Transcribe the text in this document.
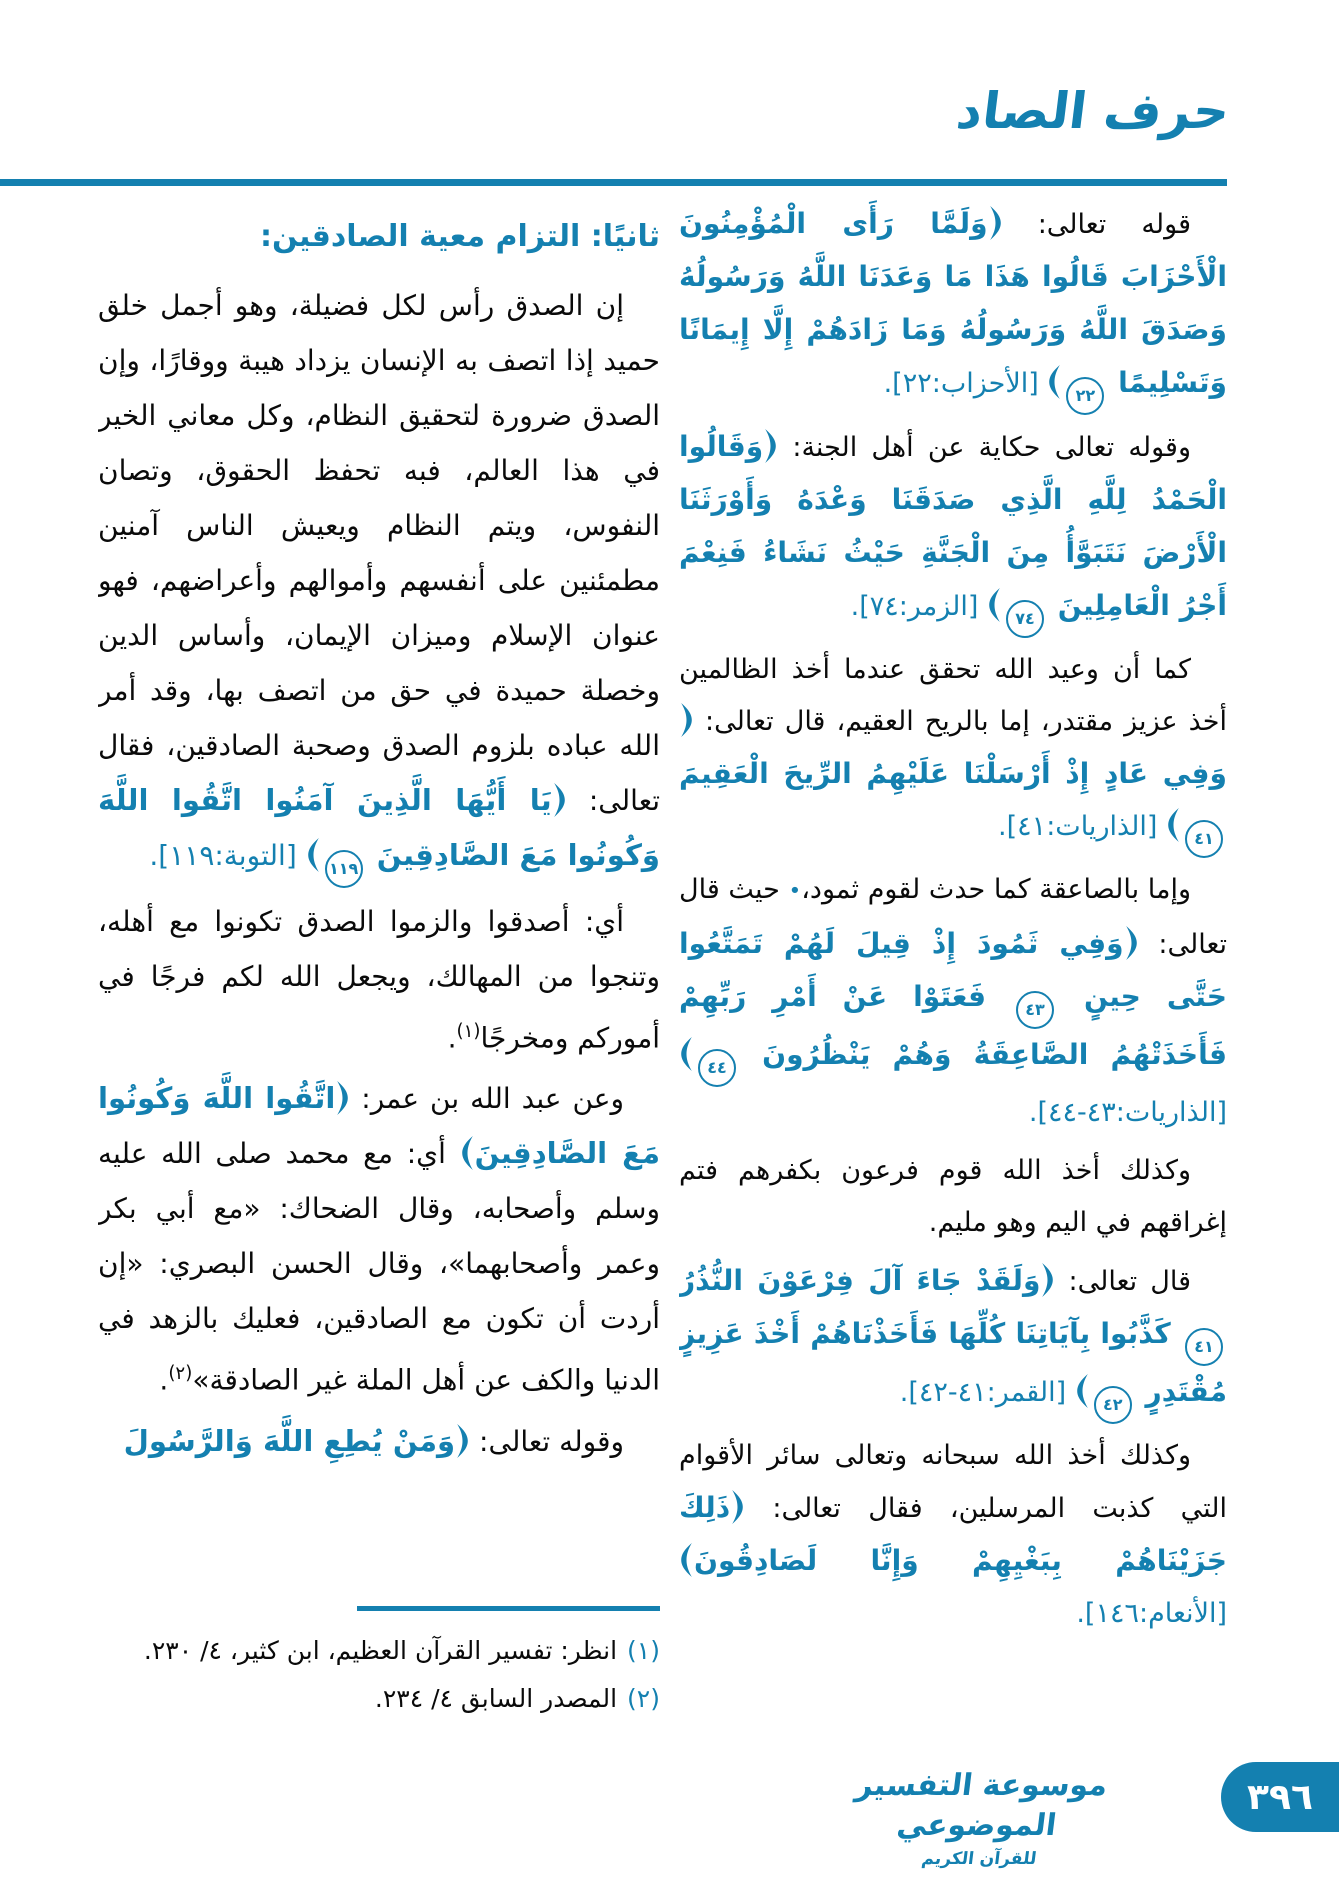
حرف الصاد

قوله تعالى: وَلَمَّا رَأَى الْمُؤْمِنُونَ الْأَحْزَابَ قَالُوا هَذَا مَا وَعَدَنَا اللَّهُ وَرَسُولُهُ وَصَدَقَ اللَّهُ وَرَسُولُهُ وَمَا زَادَهُمْ إِلَّا إِيمَانًا وَتَسْلِيمًا ٢٢ [الأحزاب:٢٢].

وقوله تعالى حكاية عن أهل الجنة: وَقَالُوا الْحَمْدُ لِلَّهِ الَّذِي صَدَقَنَا وَعْدَهُ وَأَوْرَثَنَا الْأَرْضَ نَتَبَوَّأُ مِنَ الْجَنَّةِ حَيْثُ نَشَاءُ فَنِعْمَ أَجْرُ الْعَامِلِينَ ٧٤ [الزمر:٧٤].

كما أن وعيد الله تحقق عندما أخذ الظالمين أخذ عزيز مقتدر، إما بالريح العقيم، قال تعالى: وَفِي عَادٍ إِذْ أَرْسَلْنَا عَلَيْهِمُ الرِّيحَ الْعَقِيمَ ٤١ [الذاريات:٤١].

وإما بالصاعقة كما حدث لقوم ثمود،• حيث قال تعالى: وَفِي ثَمُودَ إِذْ قِيلَ لَهُمْ تَمَتَّعُوا حَتَّى حِينٍ ٤٣ فَعَتَوْا عَنْ أَمْرِ رَبِّهِمْ فَأَخَذَتْهُمُ الصَّاعِقَةُ وَهُمْ يَنْظُرُونَ ٤٤ [الذاريات:٤٣-٤٤].

وكذلك أخذ الله قوم فرعون بكفرهم فتم إغراقهم في اليم وهو مليم.

قال تعالى: وَلَقَدْ جَاءَ آلَ فِرْعَوْنَ النُّذُرُ ٤١ كَذَّبُوا بِآيَاتِنَا كُلِّهَا فَأَخَذْنَاهُمْ أَخْذَ عَزِيزٍ مُقْتَدِرٍ ٤٢ [القمر:٤١-٤٢].

وكذلك أخذ الله سبحانه وتعالى سائر الأقوام التي كذبت المرسلين، فقال تعالى: ذَلِكَ جَزَيْنَاهُمْ بِبَغْيِهِمْ وَإِنَّا لَصَادِقُونَ [الأنعام:١٤٦].

ثانيًا: التزام معية الصادقين:

إن الصدق رأس لكل فضيلة، وهو أجمل خلق حميد إذا اتصف به الإنسان يزداد هيبة ووقارًا، وإن الصدق ضرورة لتحقيق النظام، وكل معاني الخير في هذا العالم، فبه تحفظ الحقوق، وتصان النفوس، ويتم النظام ويعيش الناس آمنين مطمئنين على أنفسهم وأموالهم وأعراضهم، فهو عنوان الإسلام وميزان الإيمان، وأساس الدين وخصلة حميدة في حق من اتصف بها، وقد أمر الله عباده بلزوم الصدق وصحبة الصادقين، فقال تعالى: يَا أَيُّهَا الَّذِينَ آمَنُوا اتَّقُوا اللَّهَ وَكُونُوا مَعَ الصَّادِقِينَ ١١٩ [التوبة:١١٩].

أي: أصدقوا والزموا الصدق تكونوا مع أهله، وتنجوا من المهالك، ويجعل الله لكم فرجًا في أموركم ومخرجًا$^{(١)}$.

وعن عبد الله بن عمر: اتَّقُوا اللَّهَ وَكُونُوا مَعَ الصَّادِقِينَ أي: مع محمد صلى الله عليه وسلم وأصحابه، وقال الضحاك: «مع أبي بكر وعمر وأصحابهما»، وقال الحسن البصري: «إن أردت أن تكون مع الصادقين، فعليك بالزهد في الدنيا والكف عن أهل الملة غير الصادقة»$^{(٢)}$.

وقوله تعالى: وَمَنْ يُطِعِ اللَّهَ وَالرَّسُولَ

(١)
انظر: تفسير القرآن العظيم، ابن كثير، ٤/ ٢٣٠.
(٢)
المصدر السابق ٤/ ٢٣٤.
موسوعة التفسير الموضوعي
للقرآن الكريم
٣٩٦
